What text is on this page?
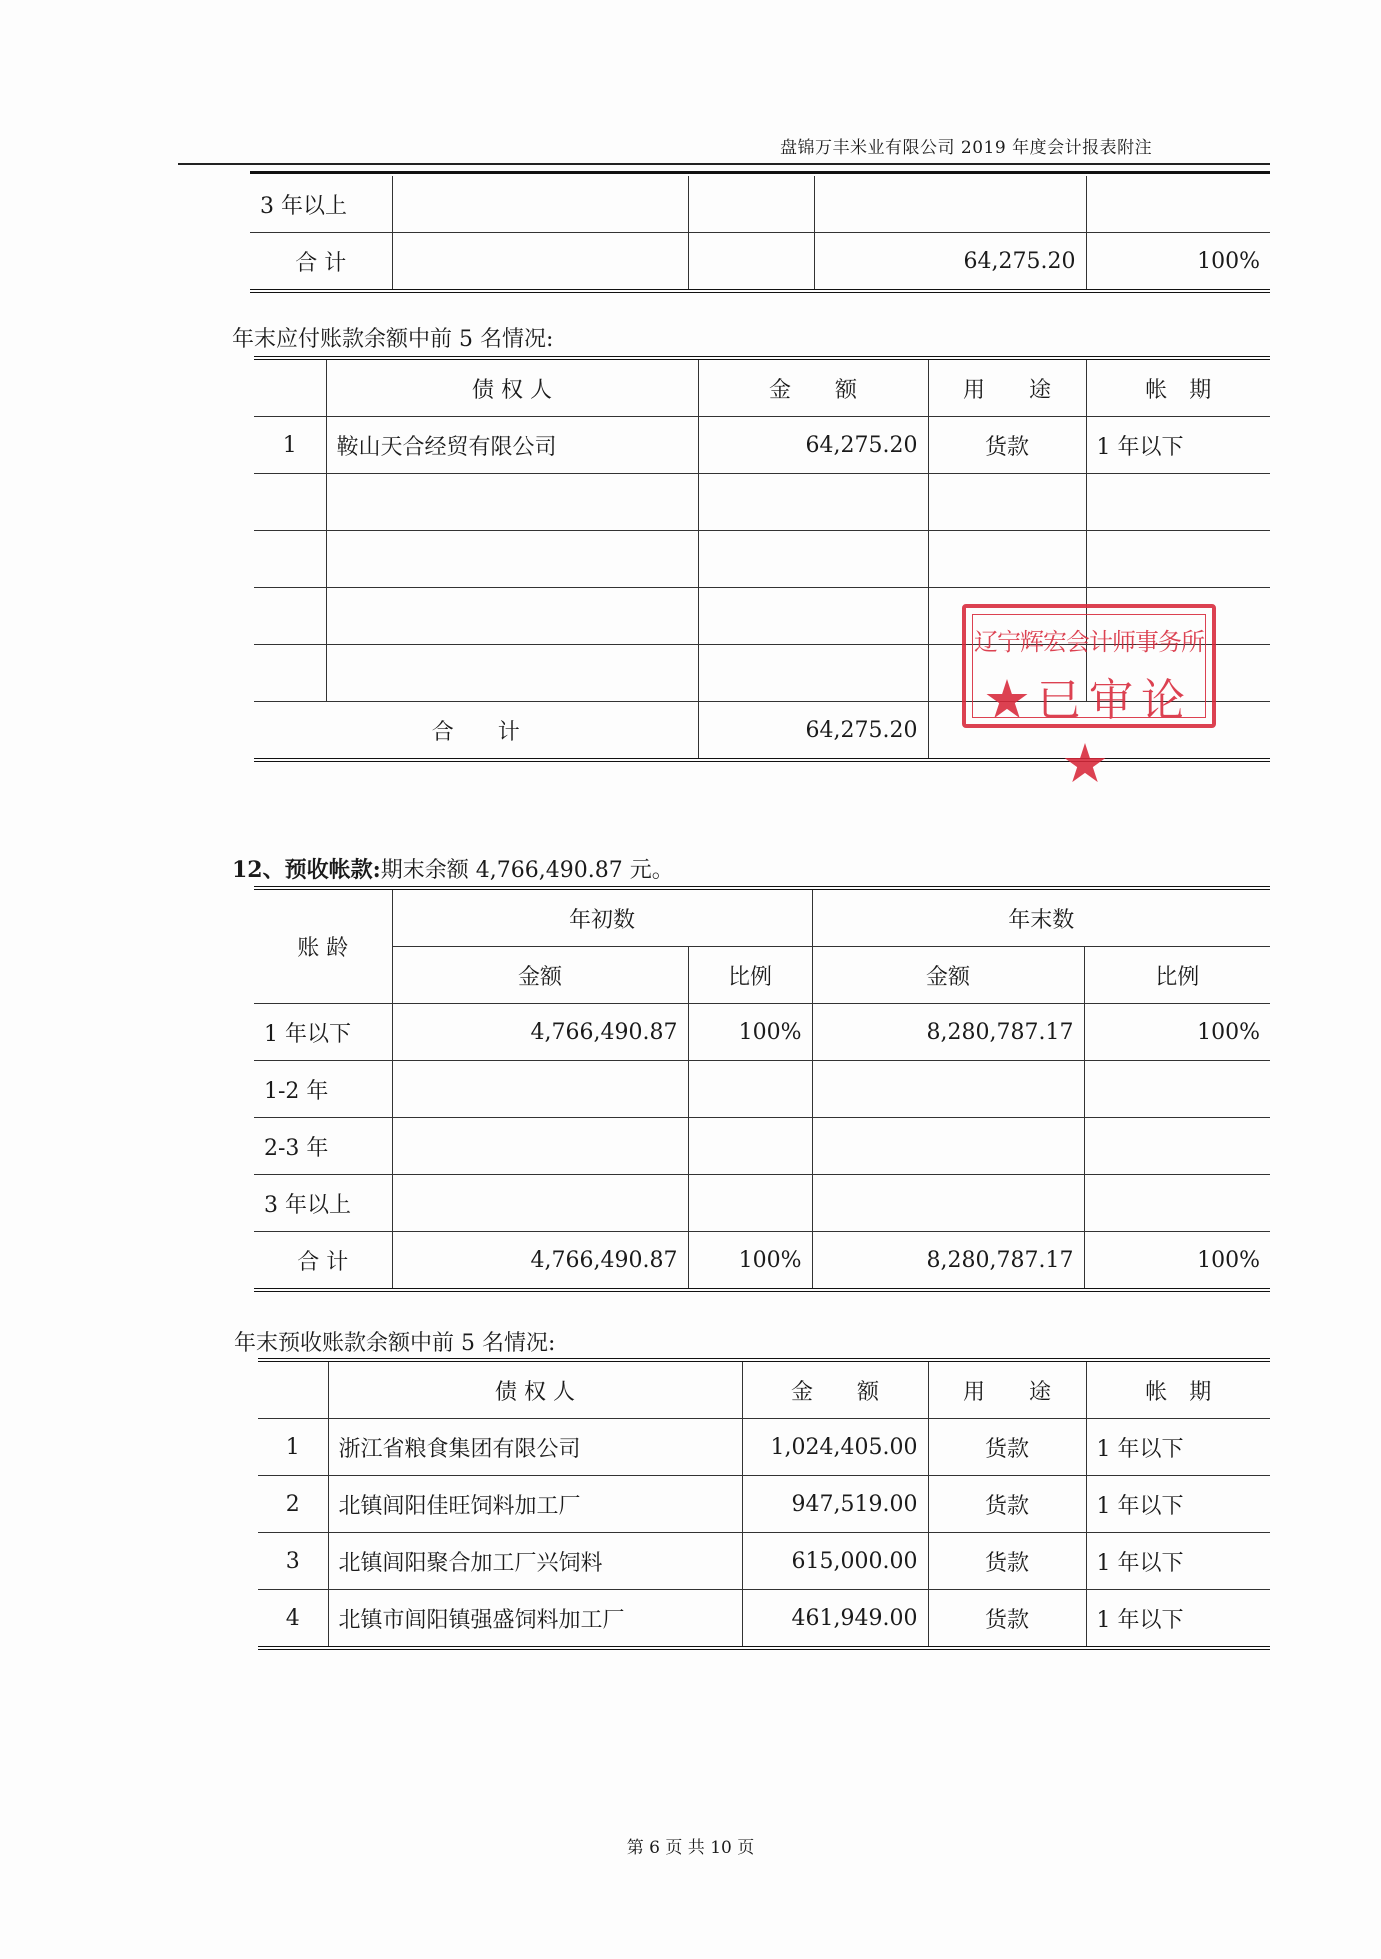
盘锦万丰米业有限公司 2019 年度会计报表附注
3 年以上				
合 计			64,275.20	100%
年末应付账款余额中前 5 名情况:
	债 权 人	金　　额	用　　途	帐　期
1	鞍山天合经贸有限公司	64,275.20	货款	1 年以下

合　　计		64,275.20		
辽宁辉宏会计师事务所
★已审论★
12、预收帐款:期末余额 4,766,490.87 元。
账 龄	年初数		年末数	
	金额	比例	金额	比例
1 年以下	4,766,490.87	100%	8,280,787.17	100%
1-2 年				
2-3 年				
3 年以上				
合 计	4,766,490.87	100%	8,280,787.17	100%
年末预收账款余额中前 5 名情况:
	债 权 人	金　　额	用　　途	帐　期
1	浙江省粮食集团有限公司	1,024,405.00	货款	1 年以下
2	北镇闾阳佳旺饲料加工厂	947,519.00	货款	1 年以下
3	北镇闾阳聚合加工厂兴饲料	615,000.00	货款	1 年以下
4	北镇市闾阳镇强盛饲料加工厂	461,949.00	货款	1 年以下
第 6 页 共 10 页
